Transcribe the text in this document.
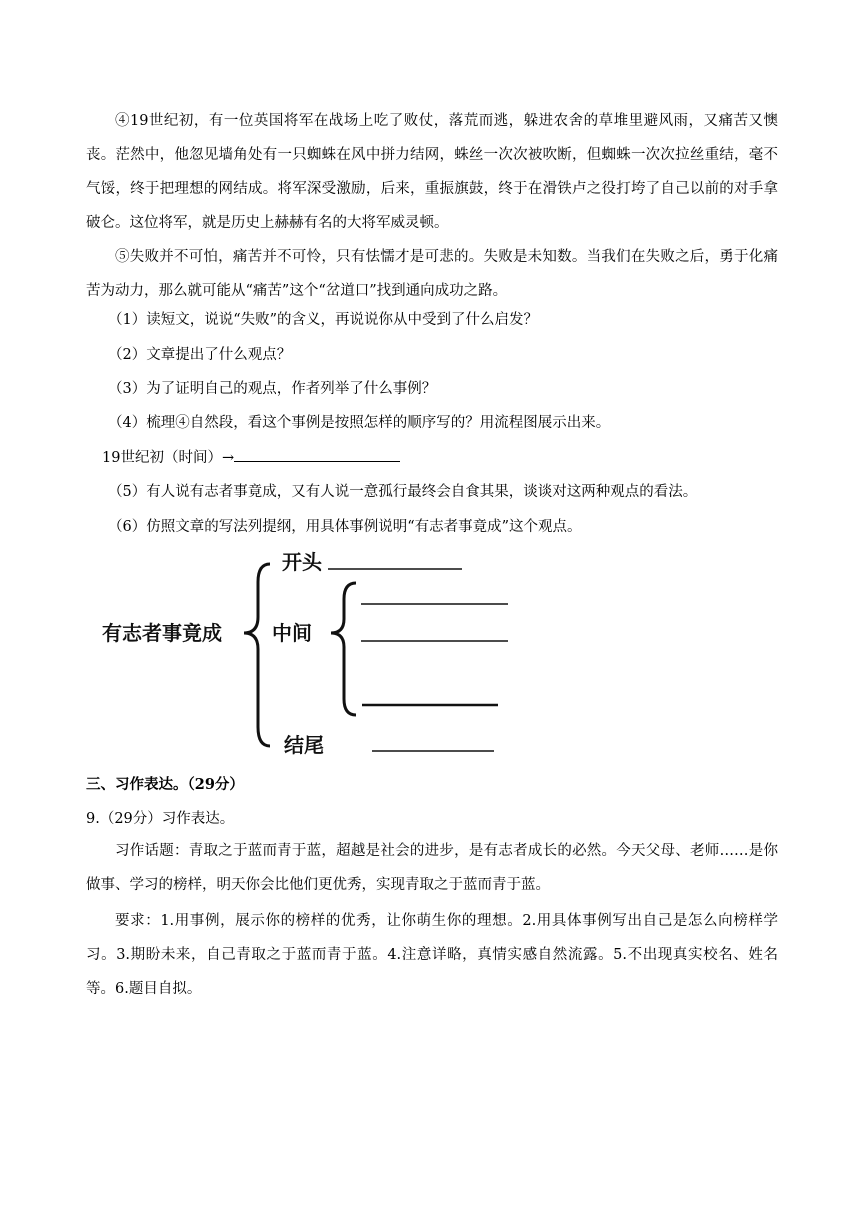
④19世纪初，有一位英国将军在战场上吃了败仗，落荒而逃，躲进农舍的草堆里避风雨，又痛苦又懊丧。茫然中，他忽见墙角处有一只蜘蛛在风中拼力结网，蛛丝一次次被吹断，但蜘蛛一次次拉丝重结，毫不气馁，终于把理想的网结成。将军深受激励，后来，重振旗鼓，终于在滑铁卢之役打垮了自己以前的对手拿破仑。这位将军，就是历史上赫赫有名的大将军威灵顿。

⑤失败并不可怕，痛苦并不可怜，只有怯懦才是可悲的。失败是未知数。当我们在失败之后，勇于化痛苦为动力，那么就可能从“痛苦”这个“岔道口”找到通向成功之路。

（1）读短文，说说“失败”的含义，再说说你从中受到了什么启发？

（2）文章提出了什么观点？

（3）为了证明自己的观点，作者列举了什么事例？

（4）梳理④自然段，看这个事例是按照怎样的顺序写的？用流程图展示出来。

19世纪初（时间）→

（5）有人说有志者事竟成，又有人说一意孤行最终会自食其果，谈谈对这两种观点的看法。

（6）仿照文章的写法列提纲，用具体事例说明“有志者事竟成”这个观点。

有志者事竟成
开头
中间
结尾

三、习作表达。（29分）

9.（29分）习作表达。

习作话题：青取之于蓝而青于蓝，超越是社会的进步，是有志者成长的必然。今天父母、老师……是你做事、学习的榜样，明天你会比他们更优秀，实现青取之于蓝而青于蓝。

要求：1.用事例，展示你的榜样的优秀，让你萌生你的理想。2.用具体事例写出自己是怎么向榜样学习。3.期盼未来，自己青取之于蓝而青于蓝。4.注意详略，真情实感自然流露。5.不出现真实校名、姓名等。6.题目自拟。
